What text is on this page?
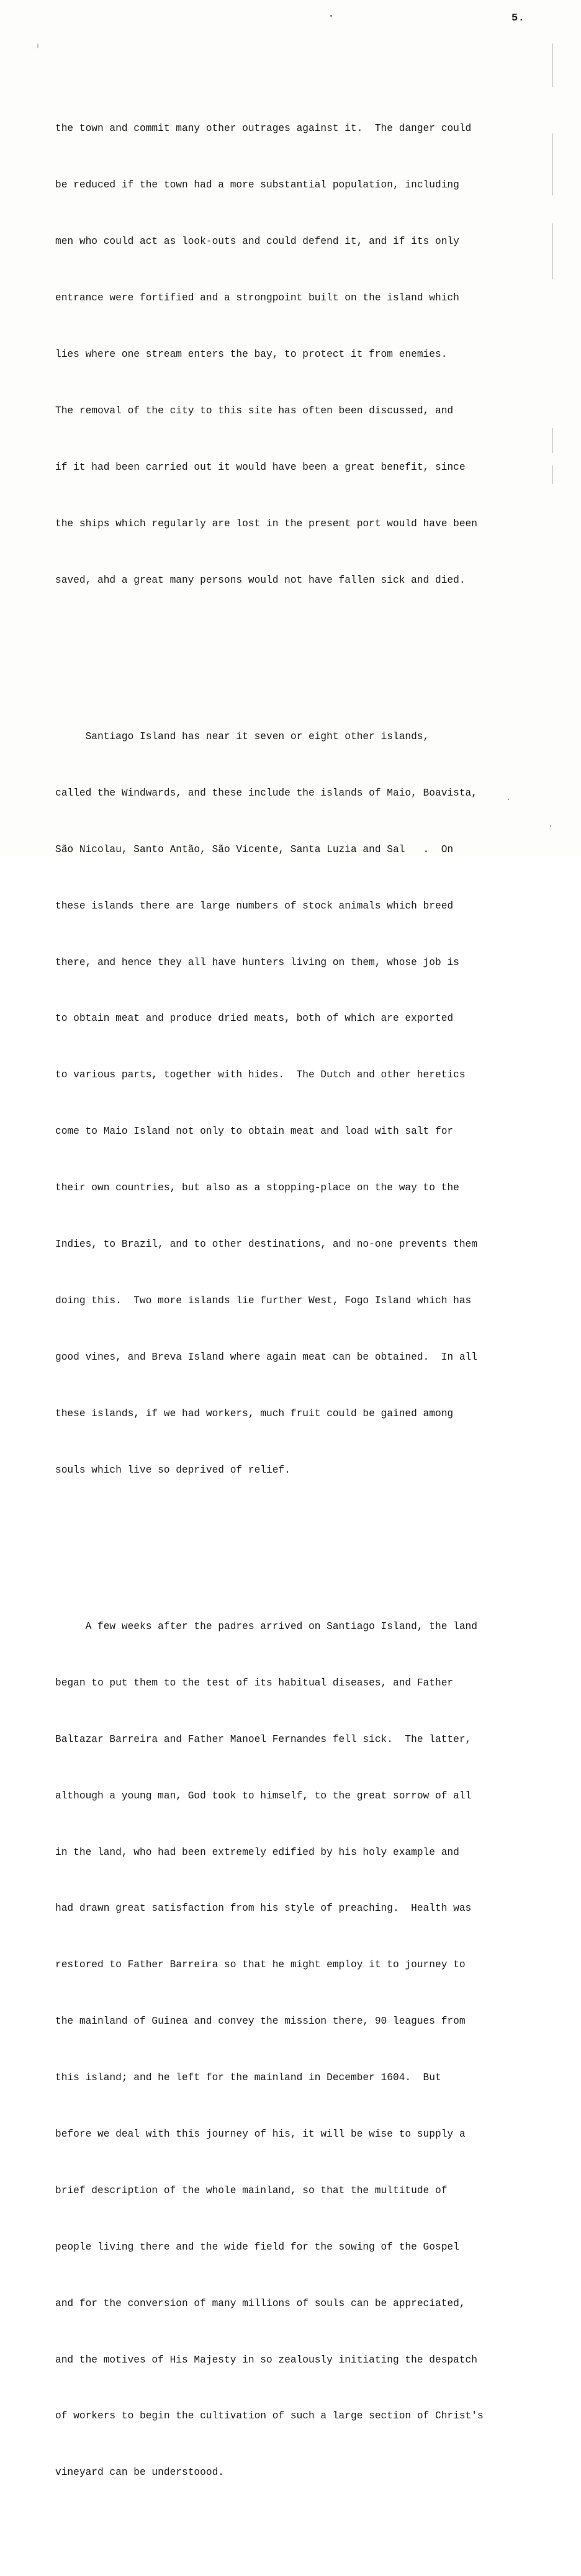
5.

the town and commit many other outrages against it.  The danger could

be reduced if the town had a more substantial population, including

men who could act as look-outs and could defend it, and if its only

entrance were fortified and a strongpoint built on the island which

lies where one stream enters the bay, to protect it from enemies.

The removal of the city to this site has often been discussed, and

if it had been carried out it would have been a great benefit, since

the ships which regularly are lost in the present port would have been

saved, ahd a great many persons would not have fallen sick and died.

Santiago Island has near it seven or eight other islands,

called the Windwards, and these include the islands of Maio, Boavista,

São Nicolau, Santo Antão, São Vicente, Santa Luzia and Sal   .  On

these islands there are large numbers of stock animals which breed

there, and hence they all have hunters living on them, whose job is

to obtain meat and produce dried meats, both of which are exported

to various parts, together with hides.  The Dutch and other heretics

come to Maio Island not only to obtain meat and load with salt for

their own countries, but also as a stopping-place on the way to the

Indies, to Brazil, and to other destinations, and no-one prevents them

doing this.  Two more islands lie further West, Fogo Island which has

good vines, and Breva Island where again meat can be obtained.  In all

these islands, if we had workers, much fruit could be gained among

souls which live so deprived of relief.

A few weeks after the padres arrived on Santiago Island, the land

began to put them to the test of its habitual diseases, and Father

Baltazar Barreira and Father Manoel Fernandes fell sick.  The latter,

although a young man, God took to himself, to the great sorrow of all

in the land, who had been extremely edified by his holy example and

had drawn great satisfaction from his style of preaching.  Health was

restored to Father Barreira so that he might employ it to journey to

the mainland of Guinea and convey the mission there, 90 leagues from

this island; and he left for the mainland in December 1604.  But

before we deal with this journey of his, it will be wise to supply a

brief description of the whole mainland, so that the multitude of

people living there and the wide field for the sowing of the Gospel

and for the conversion of many millions of souls can be appreciated,

and the motives of His Majesty in so zealously initiating the despatch

of workers to begin the cultivation of such a large section of Christ's

vineyard can be understoood.
